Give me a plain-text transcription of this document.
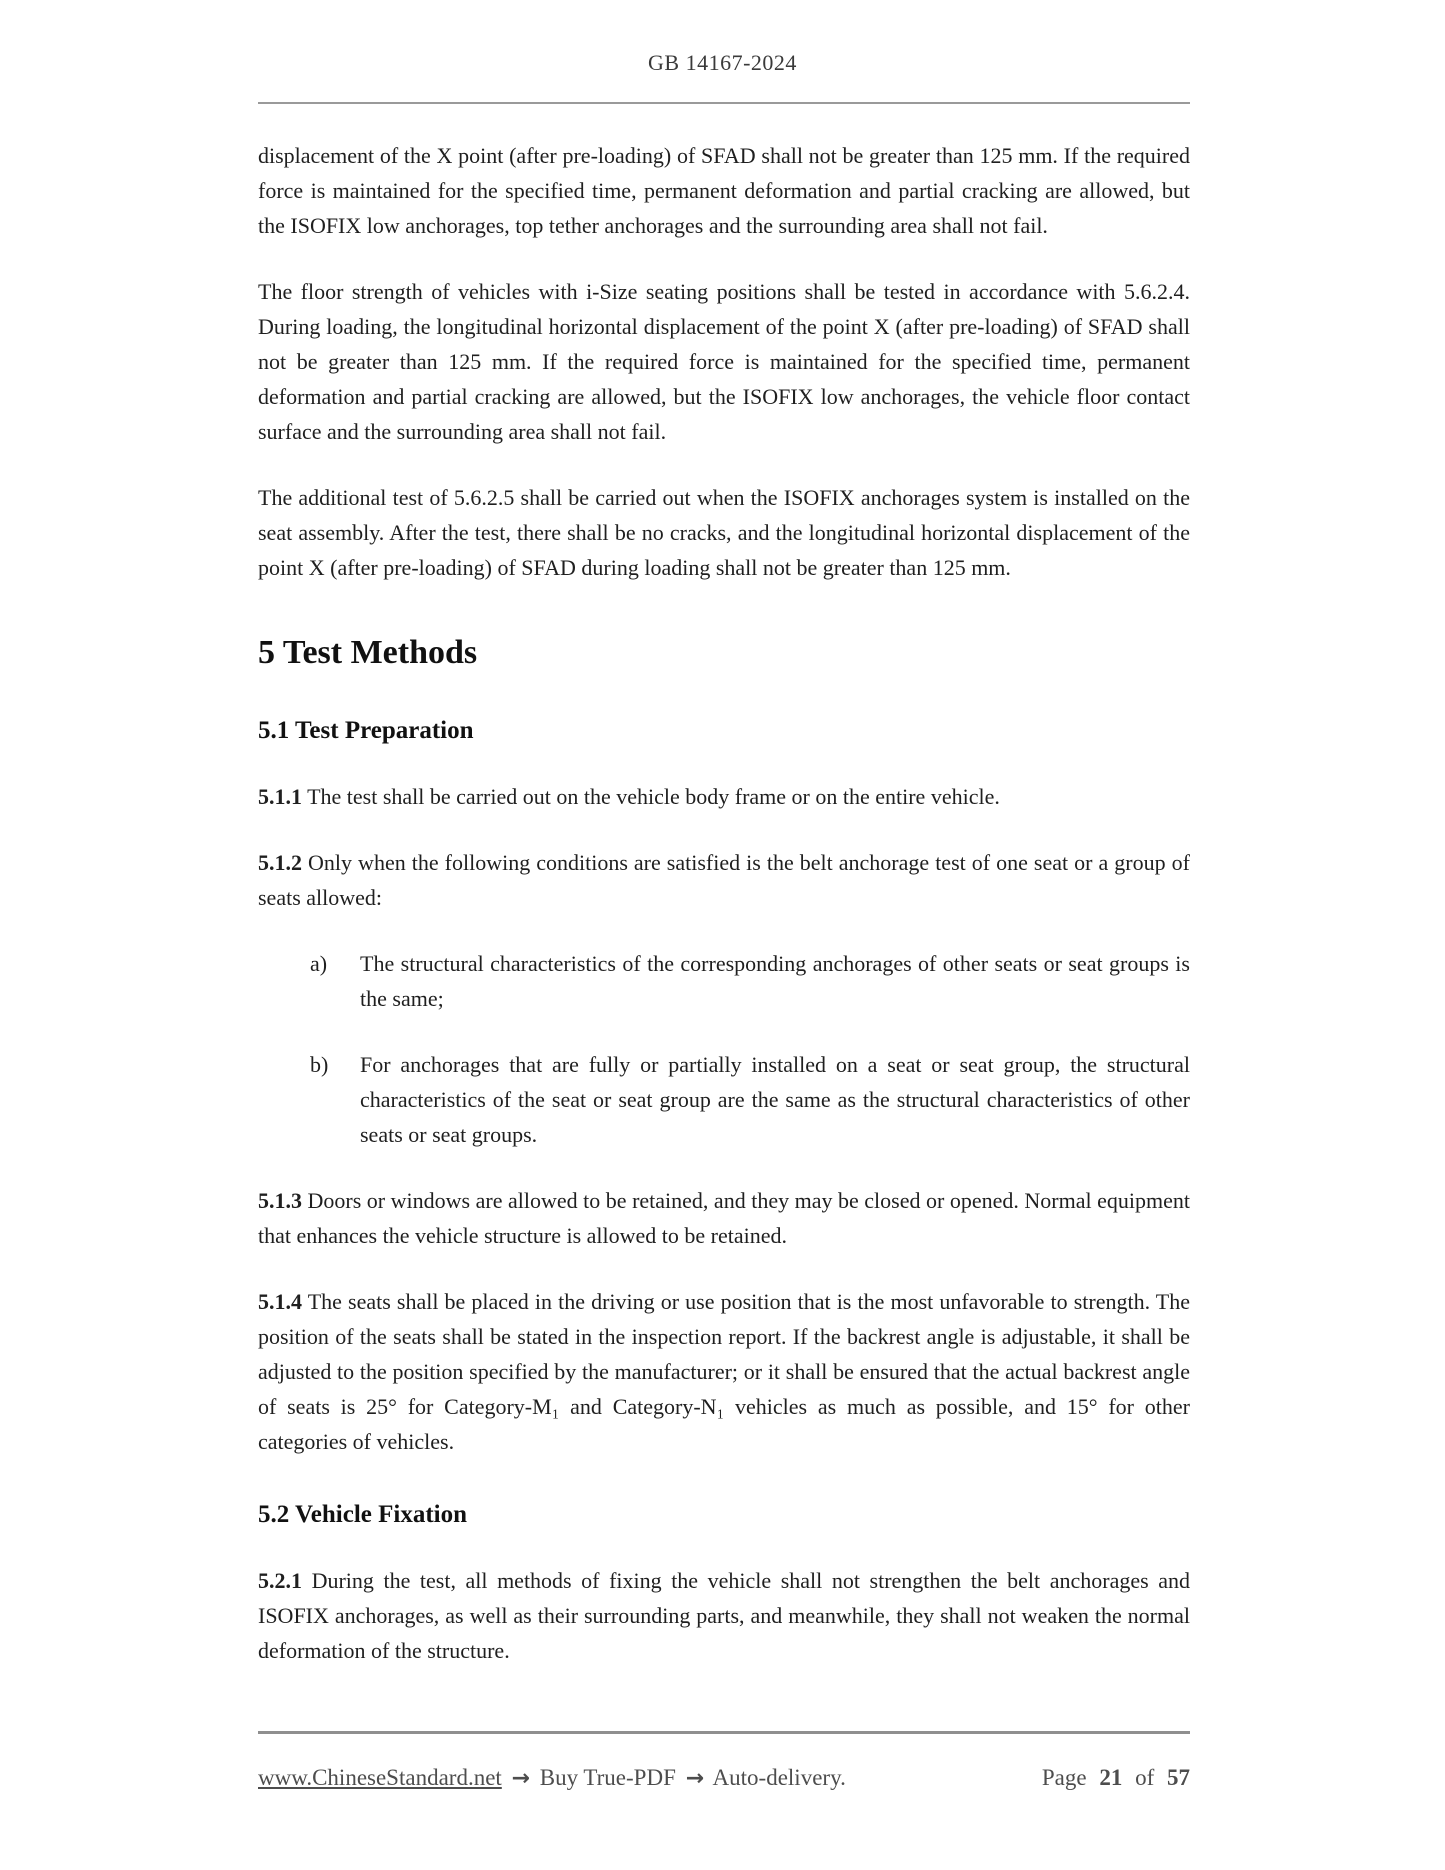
GB 14167-2024

displacement of the X point (after pre-loading) of SFAD shall not be greater than 125 mm. If the required force is maintained for the specified time, permanent deformation and partial cracking are allowed, but the ISOFIX low anchorages, top tether anchorages and the surrounding area shall not fail.

The floor strength of vehicles with i-Size seating positions shall be tested in accordance with 5.6.2.4. During loading, the longitudinal horizontal displacement of the point X (after pre-loading) of SFAD shall not be greater than 125 mm. If the required force is maintained for the specified time, permanent deformation and partial cracking are allowed, but the ISOFIX low anchorages, the vehicle floor contact surface and the surrounding area shall not fail.

The additional test of 5.6.2.5 shall be carried out when the ISOFIX anchorages system is installed on the seat assembly. After the test, there shall be no cracks, and the longitudinal horizontal displacement of the point X (after pre-loading) of SFAD during loading shall not be greater than 125 mm.

5 Test Methods
5.1 Test Preparation

5.1.1 The test shall be carried out on the vehicle body frame or on the entire vehicle.

5.1.2 Only when the following conditions are satisfied is the belt anchorage test of one seat or a group of seats allowed:

a)	The structural characteristics of the corresponding anchorages of other seats or seat groups is the same;
b)	For anchorages that are fully or partially installed on a seat or seat group, the structural characteristics of the seat or seat group are the same as the structural characteristics of other seats or seat groups.

5.1.3 Doors or windows are allowed to be retained, and they may be closed or opened. Normal equipment that enhances the vehicle structure is allowed to be retained.

5.1.4 The seats shall be placed in the driving or use position that is the most unfavorable to strength. The position of the seats shall be stated in the inspection report. If the backrest angle is adjustable, it shall be adjusted to the position specified by the manufacturer; or it shall be ensured that the actual backrest angle of seats is 25° for Category-M₁ and Category-N₁ vehicles as much as possible, and 15° for other categories of vehicles.

5.2 Vehicle Fixation

5.2.1 During the test, all methods of fixing the vehicle shall not strengthen the belt anchorages and ISOFIX anchorages, as well as their surrounding parts, and meanwhile, they shall not weaken the normal deformation of the structure.

www.ChineseStandard.net → Buy True-PDF → Auto-delivery.	Page 21 of 57
